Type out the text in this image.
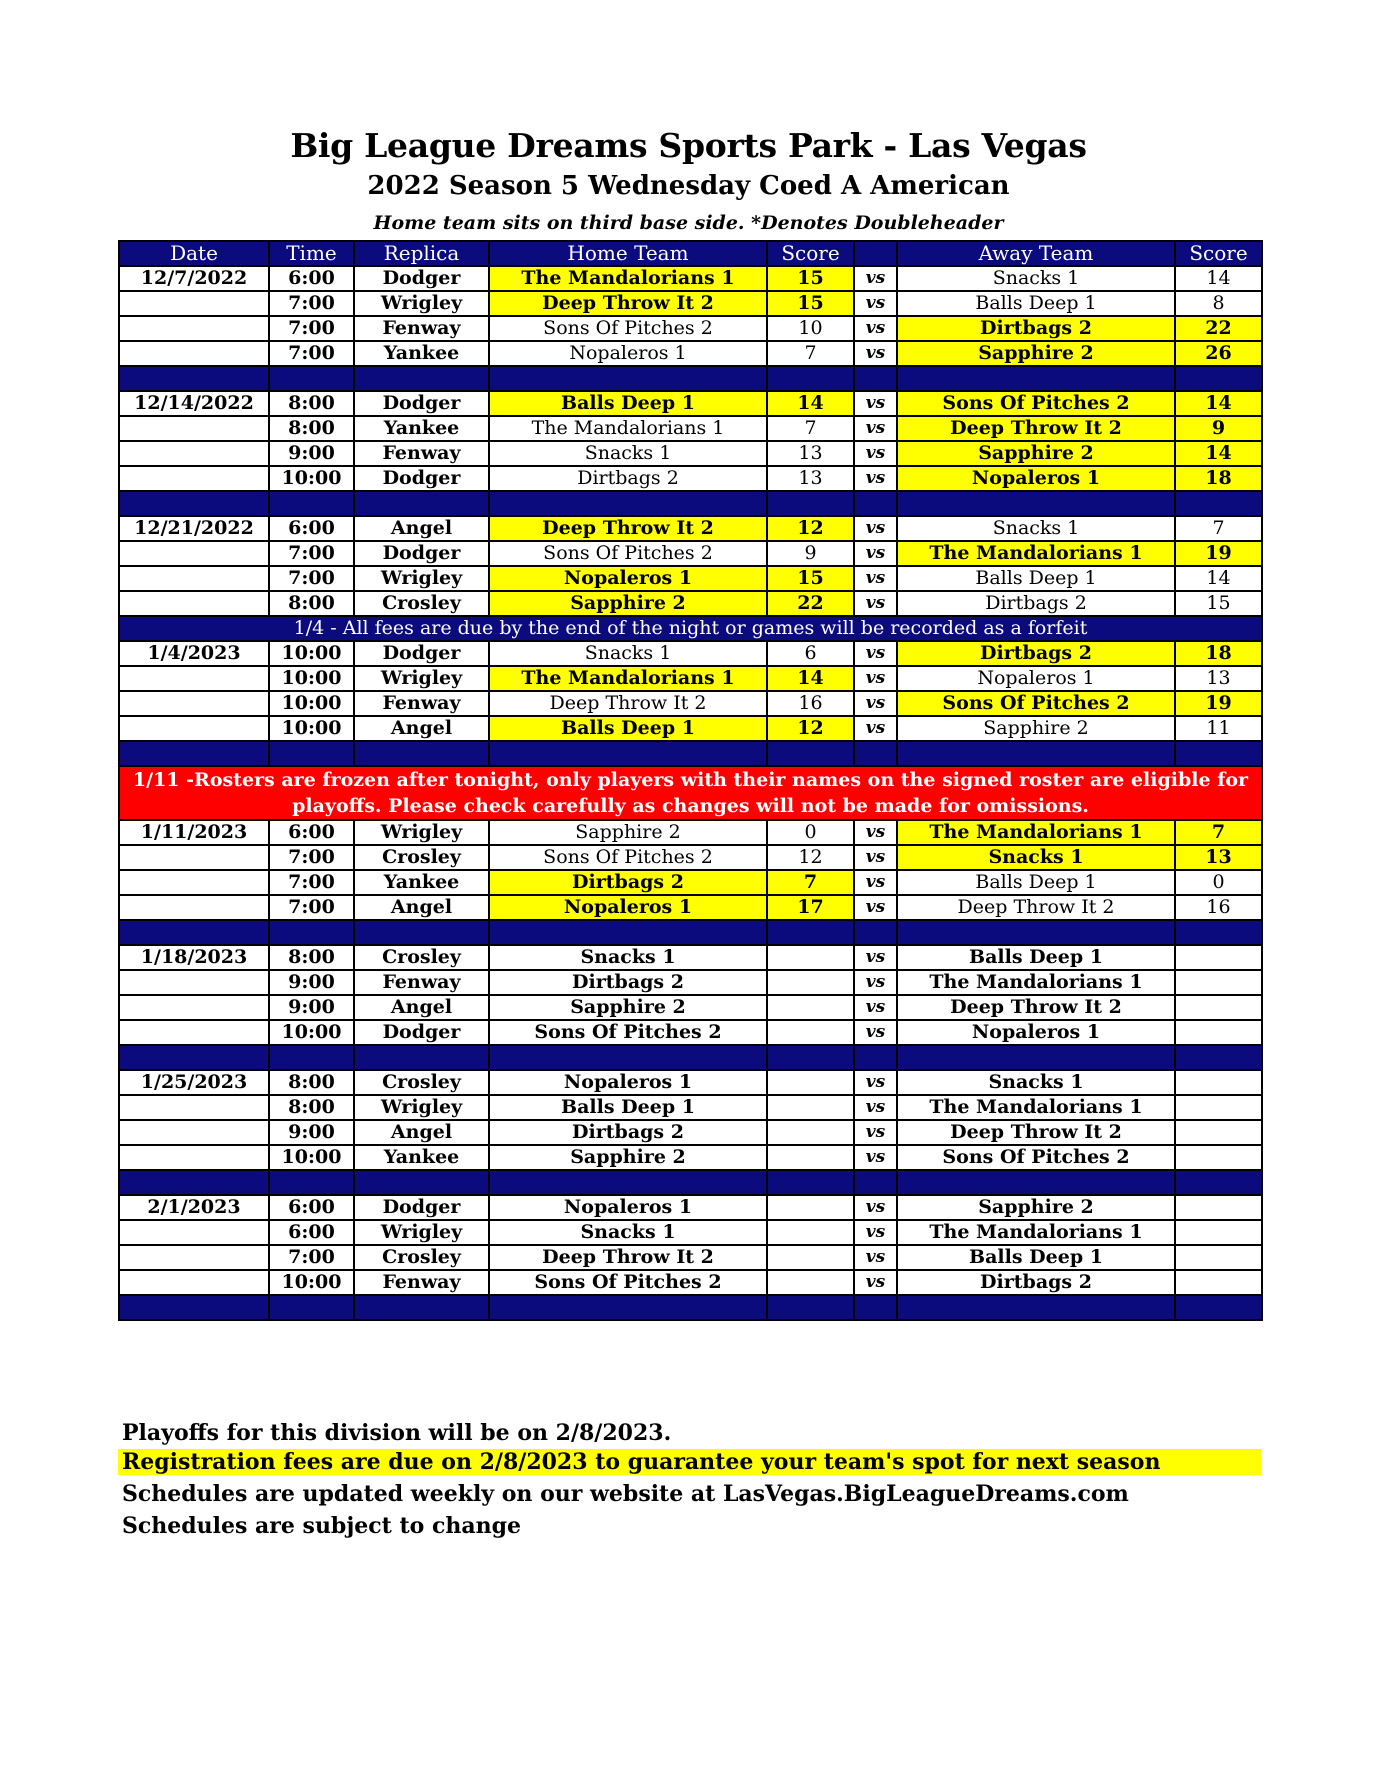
Big League Dreams Sports Park - Las Vegas
2022 Season 5 Wednesday Coed A American
Home team sits on third base side. *Denotes Doubleheader
Date	Time	Replica	Home Team	Score		Away Team	Score
12/7/2022	6:00	Dodger	The Mandalorians 1	15	vs	Snacks 1	14
	7:00	Wrigley	Deep Throw It 2	15	vs	Balls Deep 1	8
	7:00	Fenway	Sons Of Pitches 2	10	vs	Dirtbags 2	22
	7:00	Yankee	Nopaleros 1	7	vs	Sapphire 2	26

12/14/2022	8:00	Dodger	Balls Deep 1	14	vs	Sons Of Pitches 2	14
	8:00	Yankee	The Mandalorians 1	7	vs	Deep Throw It 2	9
	9:00	Fenway	Snacks 1	13	vs	Sapphire 2	14
	10:00	Dodger	Dirtbags 2	13	vs	Nopaleros 1	18

12/21/2022	6:00	Angel	Deep Throw It 2	12	vs	Snacks 1	7
	7:00	Dodger	Sons Of Pitches 2	9	vs	The Mandalorians 1	19
	7:00	Wrigley	Nopaleros 1	15	vs	Balls Deep 1	14
	8:00	Crosley	Sapphire 2	22	vs	Dirtbags 2	15
1/4 - All fees are due by the end of the night or games will be recorded as a forfeit							
1/4/2023	10:00	Dodger	Snacks 1	6	vs	Dirtbags 2	18
	10:00	Wrigley	The Mandalorians 1	14	vs	Nopaleros 1	13
	10:00	Fenway	Deep Throw It 2	16	vs	Sons Of Pitches 2	19
	10:00	Angel	Balls Deep 1	12	vs	Sapphire 2	11

1/11 -Rosters are frozen after tonight, only players with their names on the signed roster are eligible for playoffs. Please check carefully as changes will not be made for omissions.							
1/11/2023	6:00	Wrigley	Sapphire 2	0	vs	The Mandalorians 1	7
	7:00	Crosley	Sons Of Pitches 2	12	vs	Snacks 1	13
	7:00	Yankee	Dirtbags 2	7	vs	Balls Deep 1	0
	7:00	Angel	Nopaleros 1	17	vs	Deep Throw It 2	16

1/18/2023	8:00	Crosley	Snacks 1		vs	Balls Deep 1	
	9:00	Fenway	Dirtbags 2		vs	The Mandalorians 1	
	9:00	Angel	Sapphire 2		vs	Deep Throw It 2	
	10:00	Dodger	Sons Of Pitches 2		vs	Nopaleros 1	

1/25/2023	8:00	Crosley	Nopaleros 1		vs	Snacks 1	
	8:00	Wrigley	Balls Deep 1		vs	The Mandalorians 1	
	9:00	Angel	Dirtbags 2		vs	Deep Throw It 2	
	10:00	Yankee	Sapphire 2		vs	Sons Of Pitches 2	

2/1/2023	6:00	Dodger	Nopaleros 1		vs	Sapphire 2	
	6:00	Wrigley	Snacks 1		vs	The Mandalorians 1	
	7:00	Crosley	Deep Throw It 2		vs	Balls Deep 1	
	10:00	Fenway	Sons Of Pitches 2		vs	Dirtbags 2	

Playoffs for this division will be on 2/8/2023.
Registration fees are due on 2/8/2023 to guarantee your team's spot for next season
Schedules are updated weekly on our website at LasVegas.BigLeagueDreams.com
Schedules are subject to change
